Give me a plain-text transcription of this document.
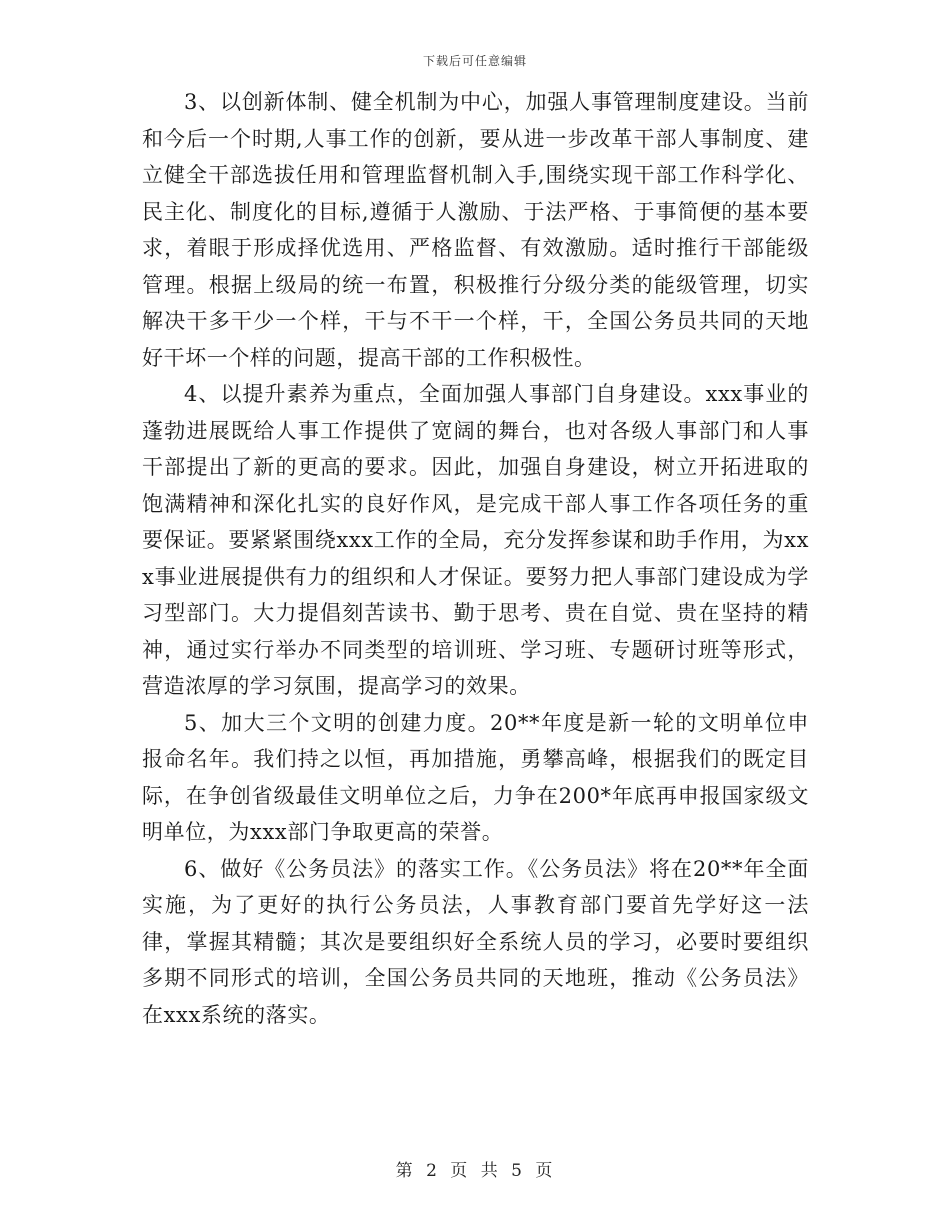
下载后可任意编辑

3、以创新体制、健全机制为中心，加强人事管理制度建设。当前和今后一个时期,人事工作的创新，要从进一步改革干部人事制度、建立健全干部选拔任用和管理监督机制入手,围绕实现干部工作科学化、民主化、制度化的目标,遵循于人激励、于法严格、于事简便的基本要求，着眼于形成择优选用、严格监督、有效激励。适时推行干部能级管理。根据上级局的统一布置，积极推行分级分类的能级管理，切实解决干多干少一个样，干与不干一个样，干，全国公务员共同的天地好干坏一个样的问题，提高干部的工作积极性。

4、以提升素养为重点，全面加强人事部门自身建设。xxx事业的蓬勃进展既给人事工作提供了宽阔的舞台，也对各级人事部门和人事干部提出了新的更高的要求。因此，加强自身建设，树立开拓进取的饱满精神和深化扎实的良好作风，是完成干部人事工作各项任务的重要保证。要紧紧围绕xxx工作的全局，充分发挥参谋和助手作用，为xxx事业进展提供有力的组织和人才保证。要努力把人事部门建设成为学习型部门。大力提倡刻苦读书、勤于思考、贵在自觉、贵在坚持的精神，通过实行举办不同类型的培训班、学习班、专题研讨班等形式，营造浓厚的学习氛围，提高学习的效果。

5、加大三个文明的创建力度。20**年度是新一轮的文明单位申报命名年。我们持之以恒，再加措施，勇攀高峰，根据我们的既定目际，在争创省级最佳文明单位之后，力争在200*年底再申报国家级文明单位，为xxx部门争取更高的荣誉。

6、做好《公务员法》的落实工作。《公务员法》将在20**年全面实施，为了更好的执行公务员法，人事教育部门要首先学好这一法律，掌握其精髓；其次是要组织好全系统人员的学习，必要时要组织多期不同形式的培训，全国公务员共同的天地班，推动《公务员法》在xxx系统的落实。

第 2 页 共 5 页
